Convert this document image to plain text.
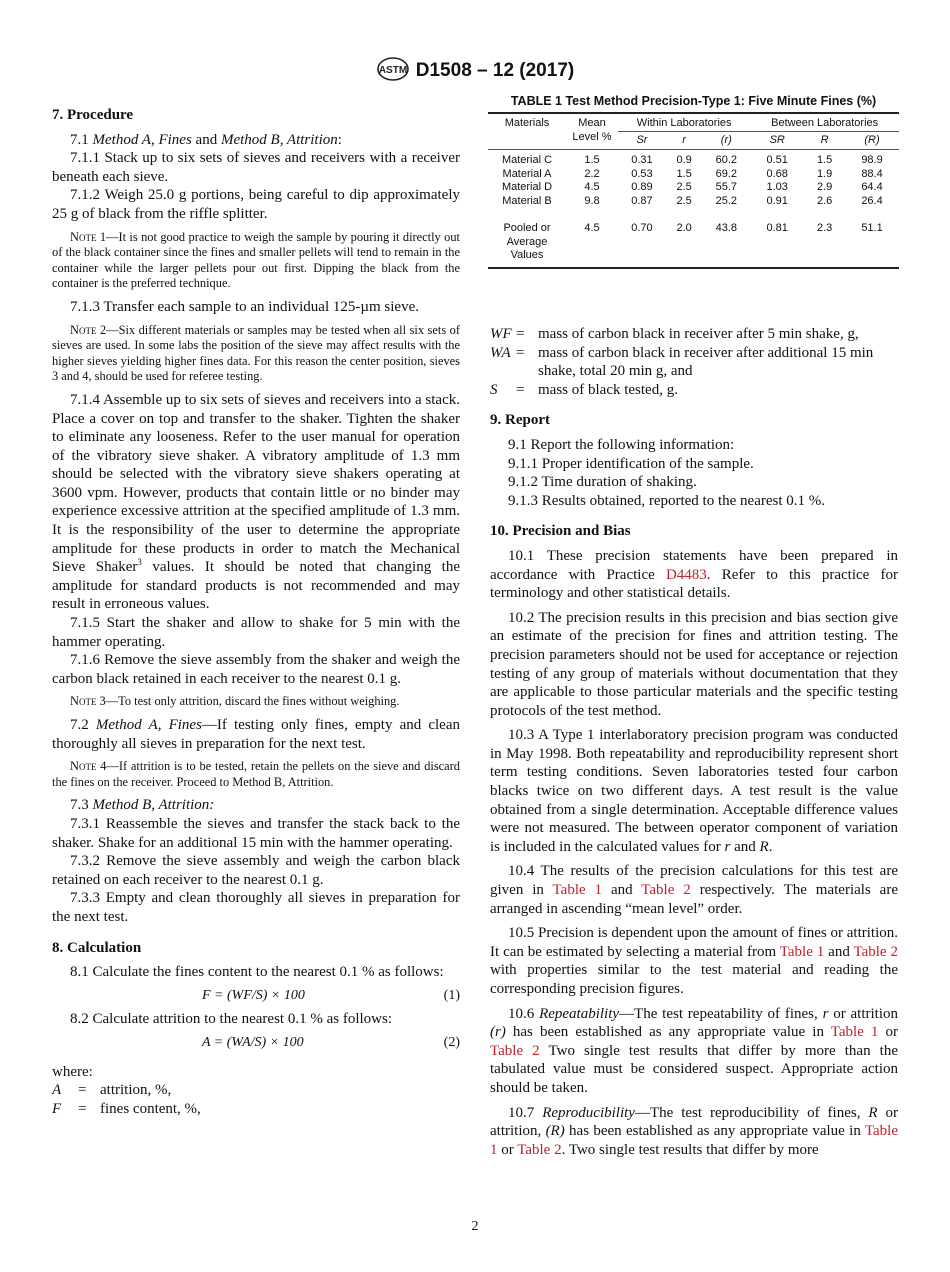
ASTM D1508 – 12 (2017)
TABLE 1 Test Method Precision-Type 1: Five Minute Fines (%)
Materials	Mean Level %	Within Laboratories			Between Laboratories		
		Sr	r	(r)	SR	R	(R)
Material C	1.5	0.31	0.9	60.2	0.51	1.5	98.9
Material A	2.2	0.53	1.5	69.2	0.68	1.9	88.4
Material D	4.5	0.89	2.5	55.7	1.03	2.9	64.4
Material B	9.8	0.87	2.5	25.2	0.91	2.6	26.4
Pooled or Average Values	4.5	0.70	2.0	43.8	0.81	2.3	51.1
7. Procedure

7.1 Method A, Fines and Method B, Attrition:

7.1.1 Stack up to six sets of sieves and receivers with a receiver beneath each sieve.

7.1.2 Weigh 25.0 g portions, being careful to dip approximately 25 g of black from the riffle splitter.

Note 1—It is not good practice to weigh the sample by pouring it directly out of the black container since the fines and smaller pellets will tend to remain in the container while the larger pellets pour out first. Dipping the black from the container is the preferred technique.

7.1.3 Transfer each sample to an individual 125-µm sieve.

Note 2—Six different materials or samples may be tested when all six sets of sieves are used. In some labs the position of the sieve may affect results with the higher sieves yielding higher fines data. For this reason the center position, sieves 3 and 4, should be used for referee testing.

7.1.4 Assemble up to six sets of sieves and receivers into a stack. Place a cover on top and transfer to the shaker. Tighten the shaker to eliminate any looseness. Refer to the user manual for operation of the vibratory sieve shaker. A vibratory amplitude of 1.3 mm should be selected with the vibratory sieve shakers operating at 3600 vpm. However, products that contain little or no binder may experience excessive attrition at the specified amplitude of 1.3 mm. It is the responsibility of the user to determine the appropriate amplitude for these products in order to match the Mechanical Sieve Shaker$^3$ values. It should be noted that changing the amplitude for standard products is not recommended and may result in erroneous values.

7.1.5 Start the shaker and allow to shake for 5 min with the hammer operating.

7.1.6 Remove the sieve assembly from the shaker and weigh the carbon black retained in each receiver to the nearest 0.1 g.

Note 3—To test only attrition, discard the fines without weighing.

7.2 Method A, Fines—If testing only fines, empty and clean thoroughly all sieves in preparation for the next test.

Note 4—If attrition is to be tested, retain the pellets on the sieve and discard the fines on the receiver. Proceed to Method B, Attrition.

7.3 Method B, Attrition:

7.3.1 Reassemble the sieves and transfer the stack back to the shaker. Shake for an additional 15 min with the hammer operating.

7.3.2 Remove the sieve assembly and weigh the carbon black retained on each receiver to the nearest 0.1 g.

7.3.3 Empty and clean thoroughly all sieves in preparation for the next test.

8. Calculation

8.1 Calculate the fines content to the nearest 0.1 % as follows:

F = (WF/S) × 100	(1)

8.2 Calculate attrition to the nearest 0.1 % as follows:

A = (WA/S) × 100	(2)

where:

A	= attrition, %,
F	= fines content, %,
WF = mass of carbon black in receiver after 5 min shake, g,
WA = mass of carbon black in receiver after additional 15 min shake, total 20 min g, and
S	= mass of black tested, g.
9. Report

9.1 Report the following information:

9.1.1 Proper identification of the sample.

9.1.2 Time duration of shaking.

9.1.3 Results obtained, reported to the nearest 0.1 %.

10. Precision and Bias

10.1 These precision statements have been prepared in accordance with Practice D4483. Refer to this practice for terminology and other statistical details.

10.2 The precision results in this precision and bias section give an estimate of the precision for fines and attrition testing. The precision parameters should not be used for acceptance or rejection testing of any group of materials without documentation that they are applicable to those particular materials and the specific testing protocols of the test method.

10.3 A Type 1 interlaboratory precision program was conducted in May 1998. Both repeatability and reproducibility represent short term testing conditions. Seven laboratories tested four carbon blacks twice on two different days. A test result is the value obtained from a single determination. Acceptable difference values were not measured. The between operator component of variation is included in the calculated values for r and R.

10.4 The results of the precision calculations for this test are given in Table 1 and Table 2 respectively. The materials are arranged in ascending “mean level” order.

10.5 Precision is dependent upon the amount of fines or attrition. It can be estimated by selecting a material from Table 1 and Table 2 with properties similar to the test material and reading the corresponding precision figures.

10.6 Repeatability—The test repeatability of fines, r or attrition (r) has been established as any appropriate value in Table 1 or Table 2 Two single test results that differ by more than the tabulated value must be considered suspect. Appropriate action should be taken.

10.7 Reproducibility—The test reproducibility of fines, R or attrition, (R) has been established as any appropriate value in Table 1 or Table 2. Two single test results that differ by more

2
